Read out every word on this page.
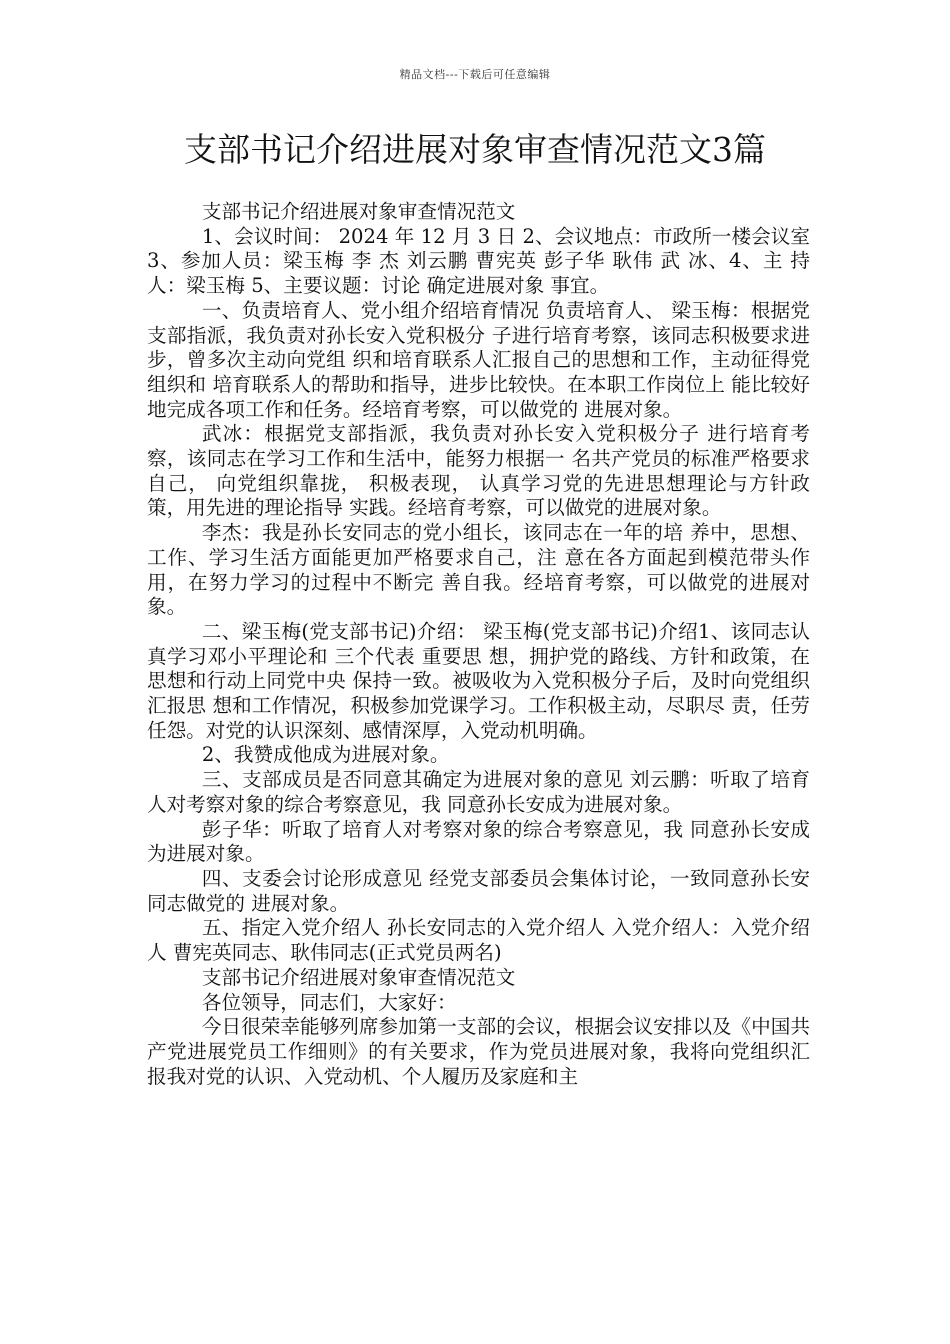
精品文档---下载后可任意编辑
支部书记介绍进展对象审查情况范文3篇

支部书记介绍进展对象审查情况范文

1、会议时间： 2024 年 12 月 3 日 2、会议地点：市政所一楼会议室 3、参加人员：梁玉梅 李 杰 刘云鹏 曹宪英 彭子华 耿伟 武 冰、4、主 持 人：梁玉梅 5、主要议题：讨论 确定进展对象 事宜。

一、负责培育人、党小组介绍培育情况 负责培育人、 梁玉梅：根据党支部指派，我负责对孙长安入党积极分 子进行培育考察，该同志积极要求进步，曾多次主动向党组 织和培育联系人汇报自己的思想和工作，主动征得党组织和 培育联系人的帮助和指导，进步比较快。在本职工作岗位上 能比较好地完成各项工作和任务。经培育考察，可以做党的 进展对象。

武冰：根据党支部指派，我负责对孙长安入党积极分子 进行培育考察，该同志在学习工作和生活中，能努力根据一 名共产党员的标准严格要求自己， 向党组织靠拢， 积极表现， 认真学习党的先进思想理论与方针政策，用先进的理论指导 实践。经培育考察，可以做党的进展对象。

李杰：我是孙长安同志的党小组长，该同志在一年的培 养中，思想、工作、学习生活方面能更加严格要求自己，注 意在各方面起到模范带头作用，在努力学习的过程中不断完 善自我。经培育考察，可以做党的进展对象。

二、梁玉梅(党支部书记)介绍： 梁玉梅(党支部书记)介绍1、该同志认真学习邓小平理论和 三个代表 重要思 想，拥护党的路线、方针和政策，在思想和行动上同党中央 保持一致。被吸收为入党积极分子后，及时向党组织汇报思 想和工作情况，积极参加党课学习。工作积极主动，尽职尽 责，任劳任怨。对党的认识深刻、感情深厚，入党动机明确。

2、我赞成他成为进展对象。

三、支部成员是否同意其确定为进展对象的意见 刘云鹏：听取了培育人对考察对象的综合考察意见，我 同意孙长安成为进展对象。

彭子华：听取了培育人对考察对象的综合考察意见，我 同意孙长安成为进展对象。

四、支委会讨论形成意见 经党支部委员会集体讨论，一致同意孙长安同志做党的 进展对象。

五、指定入党介绍人 孙长安同志的入党介绍人 入党介绍人：入党介绍人 曹宪英同志、耿伟同志(正式党员两名)

支部书记介绍进展对象审查情况范文

各位领导，同志们，大家好：

今日很荣幸能够列席参加第一支部的会议，根据会议安排以及《中国共产党进展党员工作细则》的有关要求，作为党员进展对象，我将向党组织汇报我对党的认识、入党动机、个人履历及家庭和主
